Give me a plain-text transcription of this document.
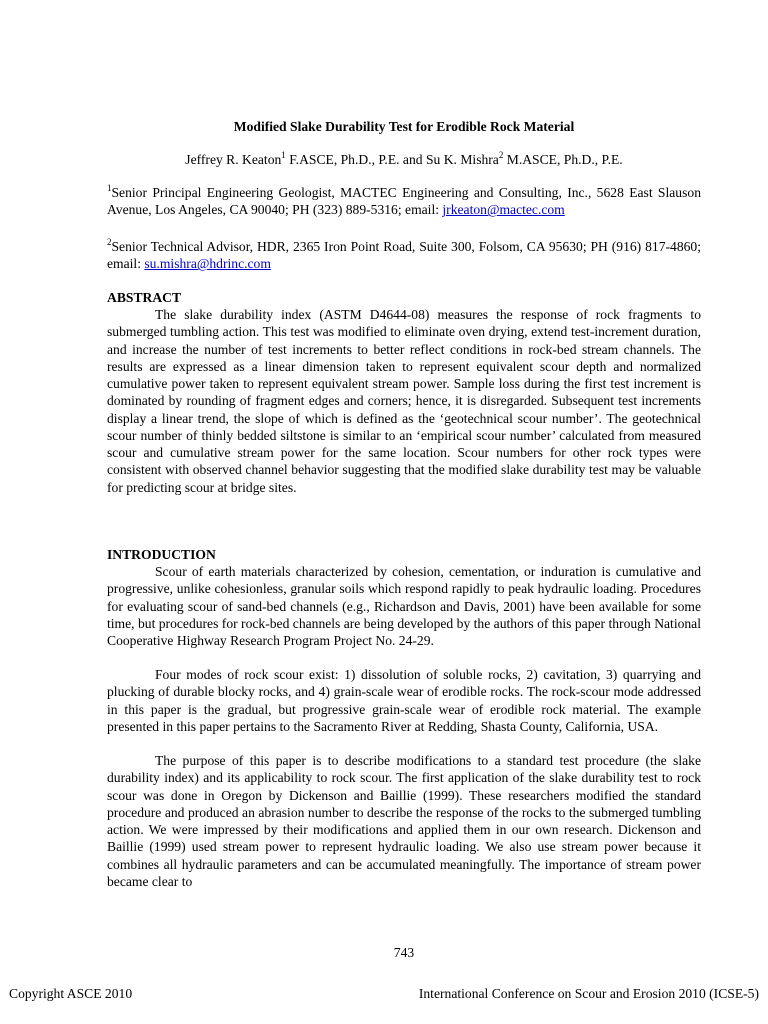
Modified Slake Durability Test for Erodible Rock Material
Jeffrey R. Keaton$^1$ F.ASCE, Ph.D., P.E. and Su K. Mishra$^2$ M.ASCE, Ph.D., P.E.
$^1$Senior Principal Engineering Geologist, MACTEC Engineering and Consulting, Inc., 5628 East Slauson Avenue, Los Angeles, CA 90040; PH (323) 889-5316; email: jrkeaton@mactec.com
$^2$Senior Technical Advisor, HDR, 2365 Iron Point Road, Suite 300, Folsom, CA 95630; PH (916) 817-4860; email: su.mishra@hdrinc.com
ABSTRACT

The slake durability index (ASTM D4644-08) measures the response of rock fragments to submerged tumbling action. This test was modified to eliminate oven drying, extend test-increment duration, and increase the number of test increments to better reflect conditions in rock-bed stream channels. The results are expressed as a linear dimension taken to represent equivalent scour depth and normalized cumulative power taken to represent equivalent stream power. Sample loss during the first test increment is dominated by rounding of fragment edges and corners; hence, it is disregarded. Subsequent test increments display a linear trend, the slope of which is defined as the ‘geotechnical scour number’. The geotechnical scour number of thinly bedded siltstone is similar to an ‘empirical scour number’ calculated from measured scour and cumulative stream power for the same location. Scour numbers for other rock types were consistent with observed channel behavior suggesting that the modified slake durability test may be valuable for predicting scour at bridge sites.

INTRODUCTION

Scour of earth materials characterized by cohesion, cementation, or induration is cumulative and progressive, unlike cohesionless, granular soils which respond rapidly to peak hydraulic loading. Procedures for evaluating scour of sand-bed channels (e.g., Richardson and Davis, 2001) have been available for some time, but procedures for rock-bed channels are being developed by the authors of this paper through National Cooperative Highway Research Program Project No. 24-29.

Four modes of rock scour exist: 1) dissolution of soluble rocks, 2) cavitation, 3) quarrying and plucking of durable blocky rocks, and 4) grain-scale wear of erodible rocks. The rock-scour mode addressed in this paper is the gradual, but progressive grain-scale wear of erodible rock material. The example presented in this paper pertains to the Sacramento River at Redding, Shasta County, California, USA.

The purpose of this paper is to describe modifications to a standard test procedure (the slake durability index) and its applicability to rock scour. The first application of the slake durability test to rock scour was done in Oregon by Dickenson and Baillie (1999). These researchers modified the standard procedure and produced an abrasion number to describe the response of the rocks to the submerged tumbling action. We were impressed by their modifications and applied them in our own research. Dickenson and Baillie (1999) used stream power to represent hydraulic loading. We also use stream power because it combines all hydraulic parameters and can be accumulated meaningfully. The importance of stream power became clear to

743
Copyright ASCE 2010	International Conference on Scour and Erosion 2010 (ICSE-5)
